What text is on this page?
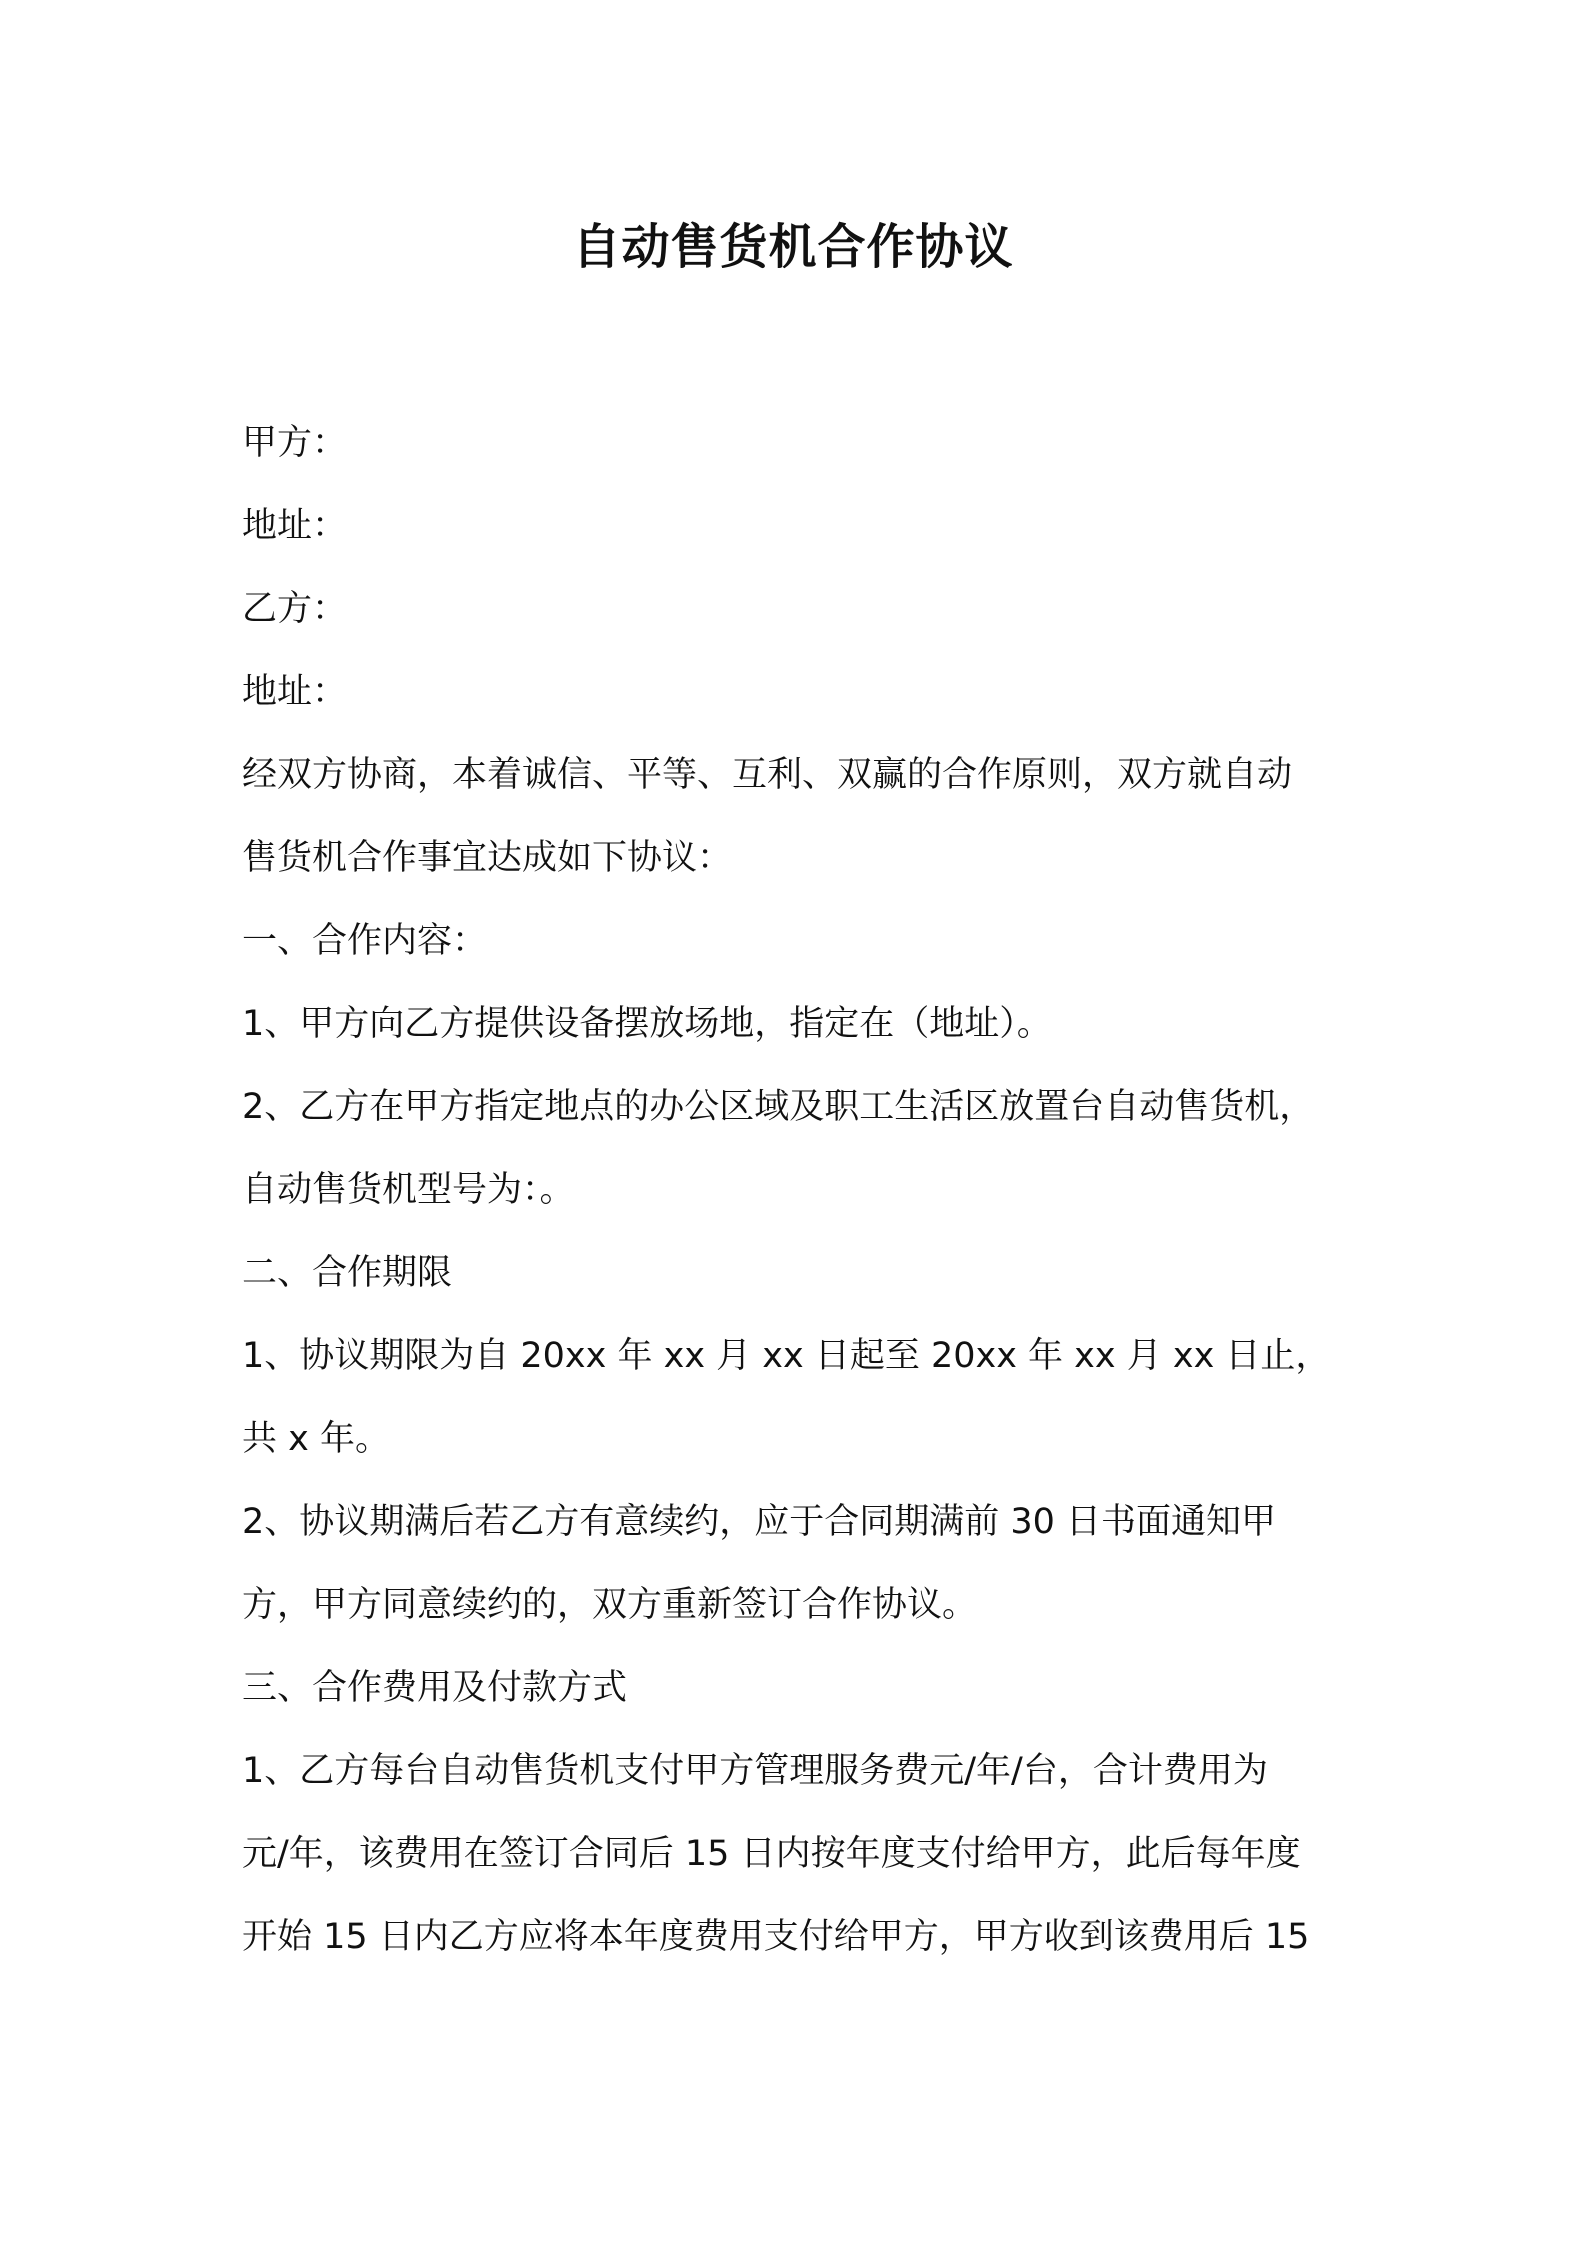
自动售货机合作协议

甲方：

地址：

乙方：

地址：

经双方协商，本着诚信、平等、互利、双赢的合作原则，双方就自动

售货机合作事宜达成如下协议：

一、合作内容：

1、甲方向乙方提供设备摆放场地，指定在（地址）。

2、乙方在甲方指定地点的办公区域及职工生活区放置台自动售货机，

自动售货机型号为：。

二、合作期限

1、协议期限为自 20xx 年 xx 月 xx 日起至 20xx 年 xx 月 xx 日止，

共 x 年。

2、协议期满后若乙方有意续约，应于合同期满前 30 日书面通知甲

方，甲方同意续约的，双方重新签订合作协议。

三、合作费用及付款方式

1、乙方每台自动售货机支付甲方管理服务费元/年/台，合计费用为

元/年，该费用在签订合同后 15 日内按年度支付给甲方，此后每年度

开始 15 日内乙方应将本年度费用支付给甲方，甲方收到该费用后 15
